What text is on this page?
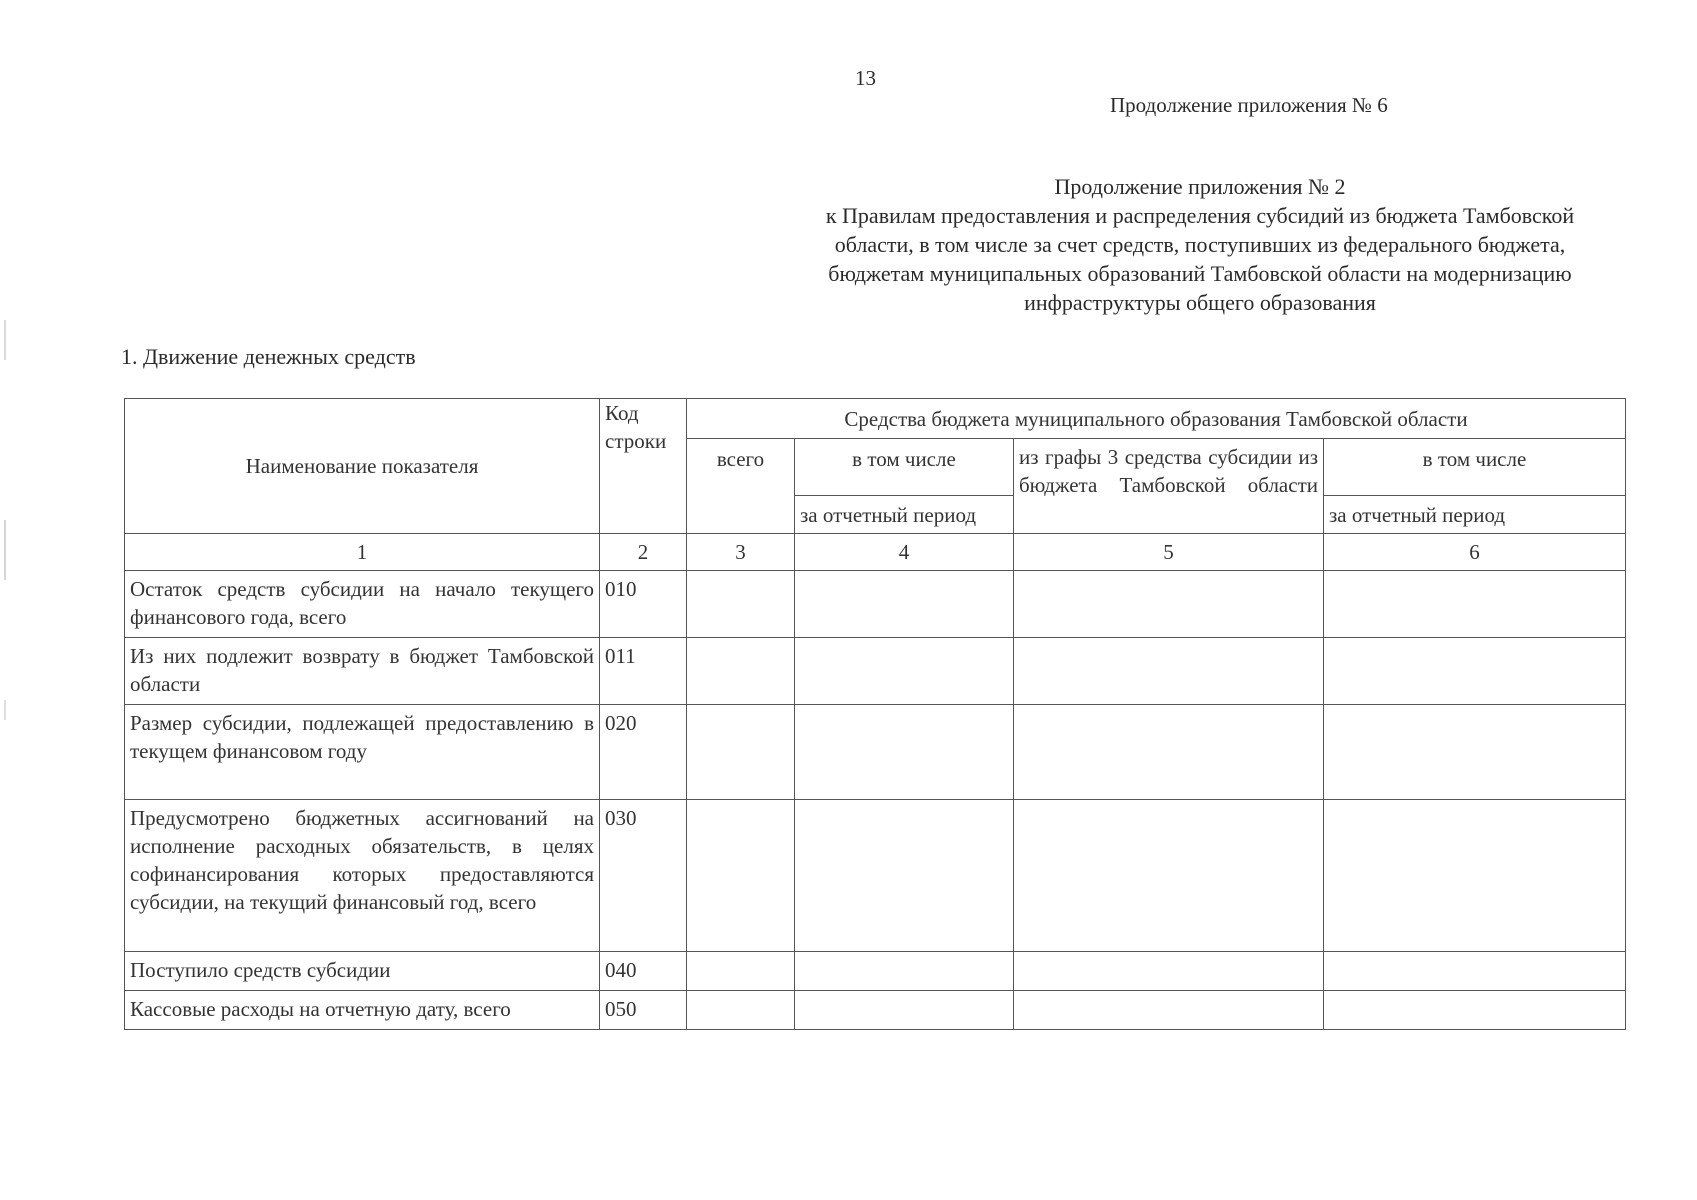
13
Продолжение приложения № 6
Продолжение приложения № 2
к Правилам предоставления и распределения субсидий из бюджета Тамбовской
области, в том числе за счет средств, поступивших из федерального бюджета,
бюджетам муниципальных образований Тамбовской области на модернизацию
инфраструктуры общего образования
1. Движение денежных средств
Наименование показателя	Код строки	Средства бюджета муниципального образования Тамбовской области			
		всего	в том числе	из графы 3 средства субсидии из бюджета Тамбовской области	в том числе
			за отчетный период		за отчетный период
1	2	3	4	5	6
Остаток средств субсидии на начало текущего финансового года, всего	010				
Из них подлежит возврату в бюджет Тамбовской области	011				
Размер субсидии, подлежащей предоставлению в текущем финансовом году	020				
Предусмотрено бюджетных ассигнований на исполнение расходных обязательств, в целях софинансирования которых предоставляются субсидии, на текущий финансовый год, всего	030				
Поступило средств субсидии	040				
Кассовые расходы на отчетную дату, всего	050				
